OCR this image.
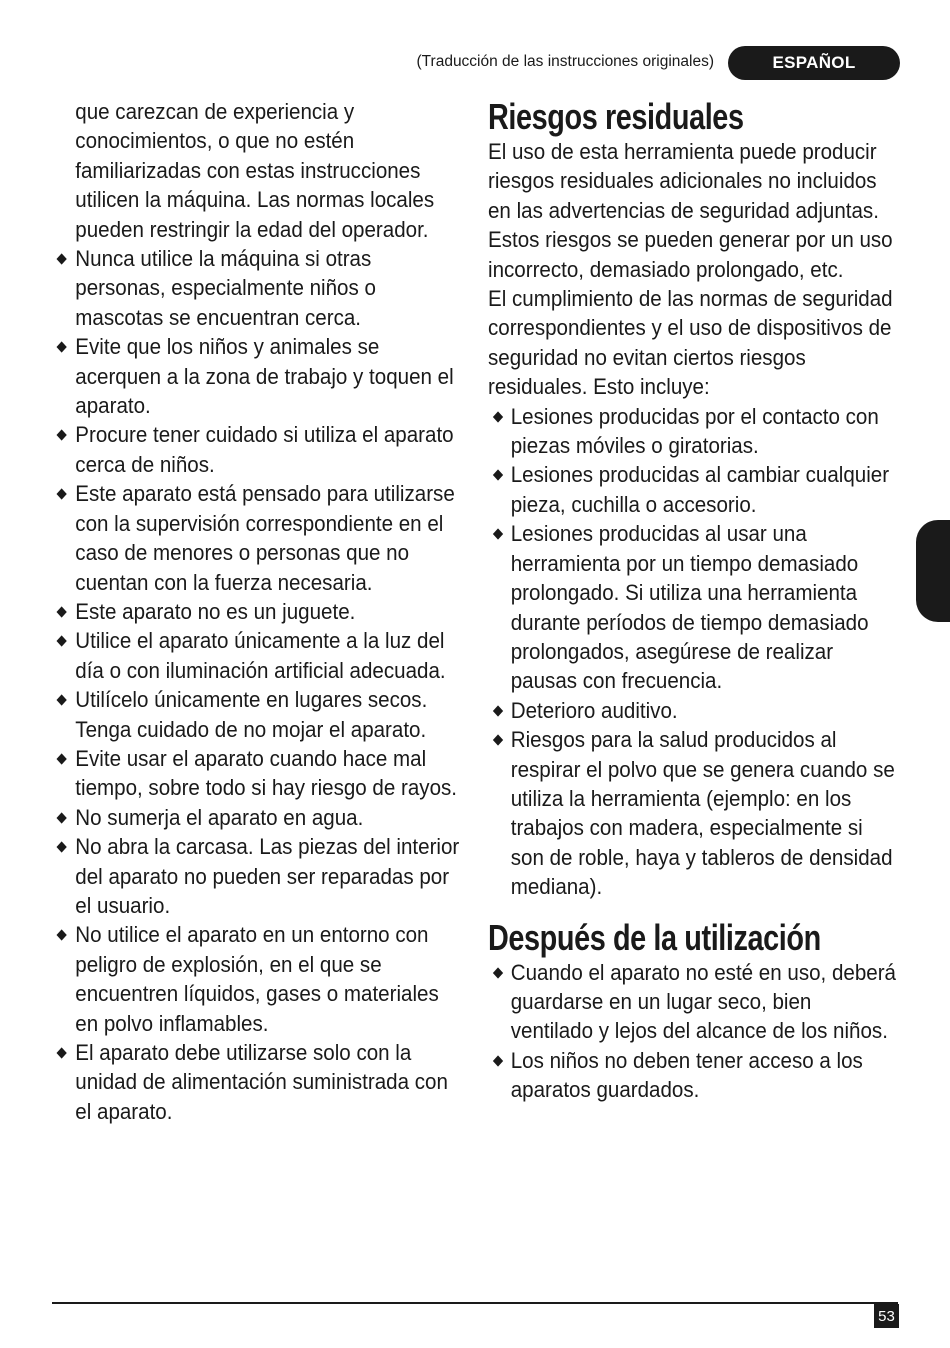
(Traducción de las instrucciones originales)	ESPAÑOL

que carezcan de experiencia y conocimientos, o que no estén familiarizadas con estas instrucciones utilicen la máquina. Las normas locales pueden restringir la edad del operador.

Nunca utilice la máquina si otras personas, especialmente niños o mascotas se encuentran cerca.

Evite que los niños y animales se acerquen a la zona de trabajo y toquen el aparato.

Procure tener cuidado si utiliza el aparato cerca de niños.

Este aparato está pensado para utilizarse con la supervisión correspondiente en el caso de menores o personas que no cuentan con la fuerza necesaria.

Este aparato no es un juguete.

Utilice el aparato únicamente a la luz del día o con iluminación artificial adecuada.

Utilícelo únicamente en lugares secos. Tenga cuidado de no mojar el aparato.

Evite usar el aparato cuando hace mal tiempo, sobre todo si hay riesgo de rayos.

No sumerja el aparato en agua.

No abra la carcasa. Las piezas del interior del aparato no pueden ser reparadas por el usuario.

No utilice el aparato en un entorno con peligro de explosión, en el que se encuentren líquidos, gases o materiales en polvo inflamables.

El aparato debe utilizarse solo con la unidad de alimentación suministrada con el aparato.

Riesgos residuales

El uso de esta herramienta puede producir riesgos residuales adicionales no incluidos en las advertencias de seguridad adjuntas.

Estos riesgos se pueden generar por un uso incorrecto, demasiado prolongado, etc.

El cumplimiento de las normas de seguridad correspondientes y el uso de dispositivos de seguridad no evitan ciertos riesgos residuales. Esto incluye:

Lesiones producidas por el contacto con piezas móviles o giratorias.

Lesiones producidas al cambiar cualquier pieza, cuchilla o accesorio.

Lesiones producidas al usar una herramienta por un tiempo demasiado prolongado. Si utiliza una herramienta durante períodos de tiempo demasiado prolongados, asegúrese de realizar pausas con frecuencia.

Deterioro auditivo.

Riesgos para la salud producidos al respirar el polvo que se genera cuando se utiliza la herramienta (ejemplo: en los trabajos con madera, especialmente si son de roble, haya y tableros de densidad mediana).

Después de la utilización

Cuando el aparato no esté en uso, deberá guardarse en un lugar seco, bien ventilado y lejos del alcance de los niños.

Los niños no deben tener acceso a los aparatos guardados.

53
